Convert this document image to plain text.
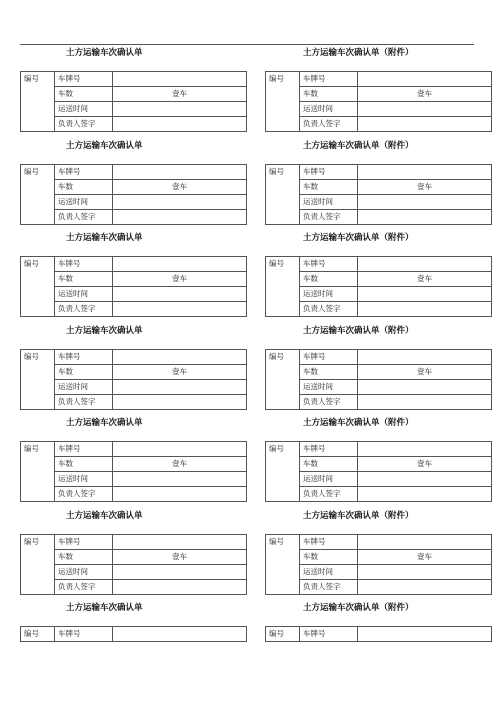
土方运输车次确认单
编号	车牌号	
	车数	壹车
	运送时间	
	负责人签字	
土方运输车次确认单（附件）
编号	车牌号	
	车数	壹车
	运送时间	
	负责人签字	
土方运输车次确认单
编号	车牌号	
	车数	壹车
	运送时间	
	负责人签字	
土方运输车次确认单（附件）
编号	车牌号	
	车数	壹车
	运送时间	
	负责人签字	
土方运输车次确认单
编号	车牌号	
	车数	壹车
	运送时间	
	负责人签字	
土方运输车次确认单（附件）
编号	车牌号	
	车数	壹车
	运送时间	
	负责人签字	
土方运输车次确认单
编号	车牌号	
	车数	壹车
	运送时间	
	负责人签字	
土方运输车次确认单（附件）
编号	车牌号	
	车数	壹车
	运送时间	
	负责人签字	
土方运输车次确认单
编号	车牌号	
	车数	壹车
	运送时间	
	负责人签字	
土方运输车次确认单（附件）
编号	车牌号	
	车数	壹车
	运送时间	
	负责人签字	
土方运输车次确认单
编号	车牌号	
	车数	壹车
	运送时间	
	负责人签字	
土方运输车次确认单（附件）
编号	车牌号	
	车数	壹车
	运送时间	
	负责人签字	
土方运输车次确认单
编号	车牌号	
土方运输车次确认单（附件）
编号	车牌号	
